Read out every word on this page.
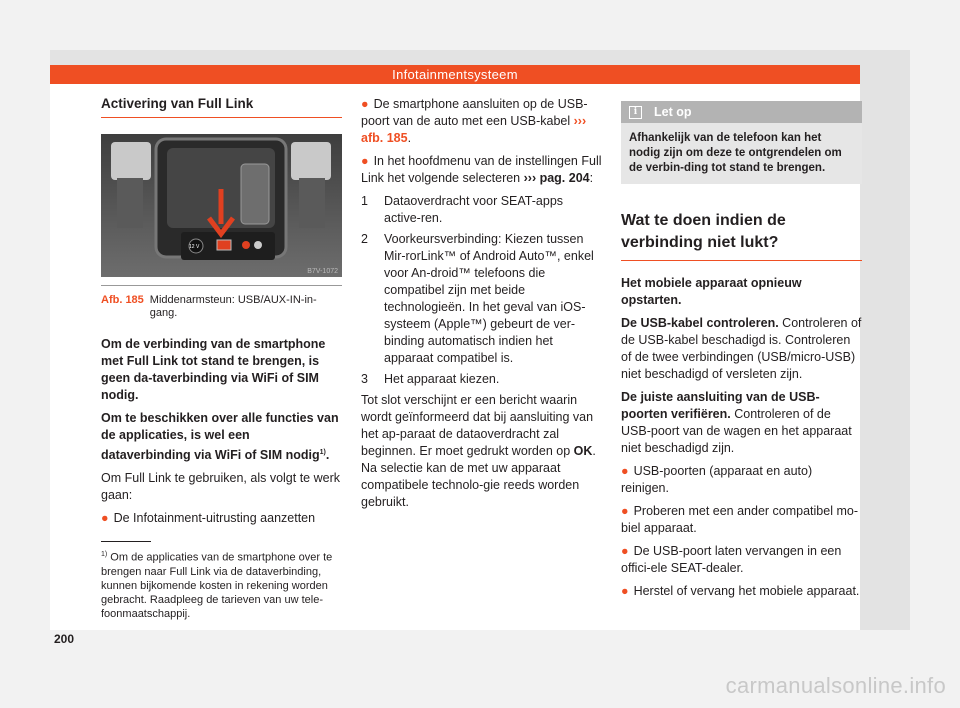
Infotainmentsysteem
Activering van Full Link
12 V
B7V-1072
Afb. 185 Middenarmsteun: USB/AUX-IN-in-gang.

Om de verbinding van de smartphone met Full Link tot stand te brengen, is geen da-taverbinding via WiFi of SIM nodig.

Om te beschikken over alle functies van de applicaties, is wel een dataverbinding via WiFi of SIM nodig$^{1)}$.

Om Full Link te gebruiken, als volgt te werk gaan:

● De Infotainment-uitrusting aanzetten

● De smartphone aansluiten op de USB-poort van de auto met een USB-kabel ››› afb. 185.

● In het hoofdmenu van de instellingen Full Link het volgende selecteren ››› pag. 204:

1	Dataoverdracht voor SEAT-apps active-ren.
2	Voorkeursverbinding: Kiezen tussen Mir-rorLink™ of Android Auto™, enkel voor An-droid™ telefoons die compatibel zijn met beide technologieën. In het geval van iOS-systeem (Apple™) gebeurt de ver-binding automatisch indien het apparaat compatibel is.
3	Het apparaat kiezen.

Tot slot verschijnt er een bericht waarin wordt geïnformeerd dat bij aansluiting van het ap-paraat de dataoverdracht zal beginnen. Er moet gedrukt worden op OK. Na selectie kan de met uw apparaat compatibele technolo-gie reeds worden gebruikt.

i	Let op
Afhankelijk van de telefoon kan het nodig zijn om deze te ontgrendelen om de verbin-ding tot stand te brengen.
Wat te doen indien de verbinding niet lukt?

Het mobiele apparaat opnieuw opstarten.

De USB-kabel controleren. Controleren of de USB-kabel beschadigd is. Controleren of de twee verbindingen (USB/micro-USB) niet beschadigd of versleten zijn.

De juiste aansluiting van de USB-poorten verifiëren. Controleren of de USB-poort van de wagen en het apparaat niet beschadigd zijn.

● USB-poorten (apparaat en auto) reinigen.

● Proberen met een ander compatibel mo-biel apparaat.

● De USB-poort laten vervangen in een offici-ele SEAT-dealer.

● Herstel of vervang het mobiele apparaat.

$^{1)}$ Om de applicaties van de smartphone over te brengen naar Full Link via de dataverbinding, kunnen bijkomende kosten in rekening worden gebracht. Raadpleeg de tarieven van uw tele-foonmaatschappij.
200
carmanualsonline.info
